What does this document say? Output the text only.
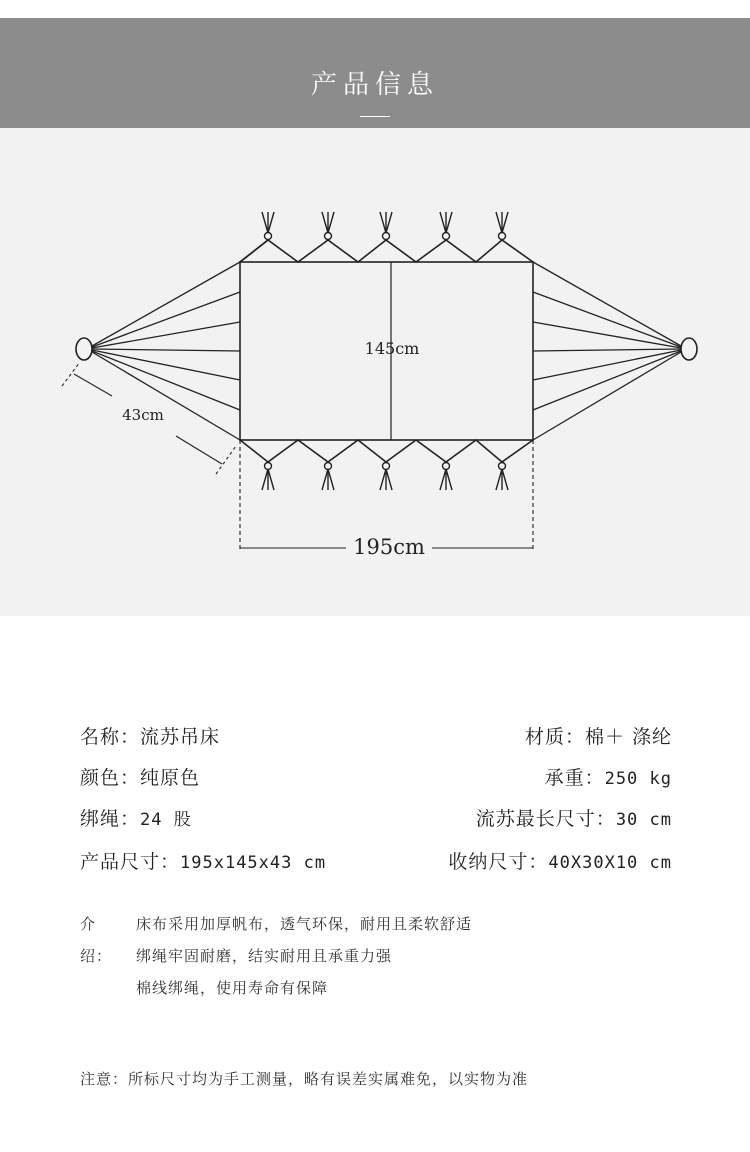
产品信息
145cm
195cm
43cm
名称：流苏吊床
颜色：纯原色
绑绳：24 股
产品尺寸：195x145x43 cm
材质：棉＋ 涤纶
承重：250 kg
流苏最长尺寸：30 cm
收纳尺寸：40X30X10 cm
介绍：
床布采用加厚帆布，透气环保，耐用且柔软舒适
绑绳牢固耐磨，结实耐用且承重力强
棉线绑绳，使用寿命有保障
注意：所标尺寸均为手工测量，略有误差实属难免，以实物为准
